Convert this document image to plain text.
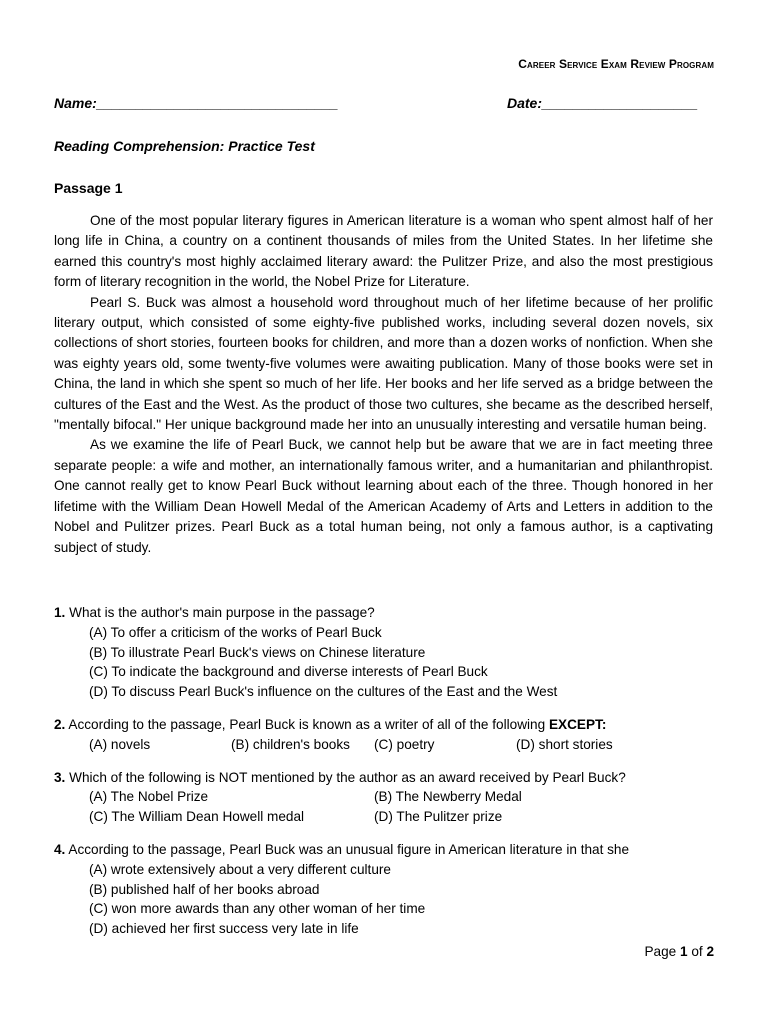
Career Service Exam Review Program
Name:_______________________________	Date:____________________
Reading Comprehension: Practice Test
Passage 1

One of the most popular literary figures in American literature is a woman who spent almost half of her long life in China, a country on a continent thousands of miles from the United States. In her lifetime she earned this country's most highly acclaimed literary award: the Pulitzer Prize, and also the most prestigious form of literary recognition in the world, the Nobel Prize for Literature.

Pearl S. Buck was almost a household word throughout much of her lifetime because of her prolific literary output, which consisted of some eighty-five published works, including several dozen novels, six collections of short stories, fourteen books for children, and more than a dozen works of nonfiction. When she was eighty years old, some twenty-five volumes were awaiting publication. Many of those books were set in China, the land in which she spent so much of her life. Her books and her life served as a bridge between the cultures of the East and the West. As the product of those two cultures, she became as the described herself, "mentally bifocal." Her unique background made her into an unusually interesting and versatile human being.

As we examine the life of Pearl Buck, we cannot help but be aware that we are in fact meeting three separate people: a wife and mother, an internationally famous writer, and a humanitarian and philanthropist. One cannot really get to know Pearl Buck without learning about each of the three. Though honored in her lifetime with the William Dean Howell Medal of the American Academy of Arts and Letters in addition to the Nobel and Pulitzer prizes. Pearl Buck as a total human being, not only a famous author, is a captivating subject of study.

1. What is the author's main purpose in the passage?
(A) To offer a criticism of the works of Pearl Buck
(B) To illustrate Pearl Buck's views on Chinese literature
(C) To indicate the background and diverse interests of Pearl Buck
(D) To discuss Pearl Buck's influence on the cultures of the East and the West
2. According to the passage, Pearl Buck is known as a writer of all of the following EXCEPT:
(A) novels	(B) children's books	(C) poetry	(D) short stories
3. Which of the following is NOT mentioned by the author as an award received by Pearl Buck?
(A) The Nobel Prize	(B) The Newberry Medal
(C) The William Dean Howell medal	(D) The Pulitzer prize
4. According to the passage, Pearl Buck was an unusual figure in American literature in that she
(A) wrote extensively about a very different culture
(B) published half of her books abroad
(C) won more awards than any other woman of her time
(D) achieved her first success very late in life
Page 1 of 2
